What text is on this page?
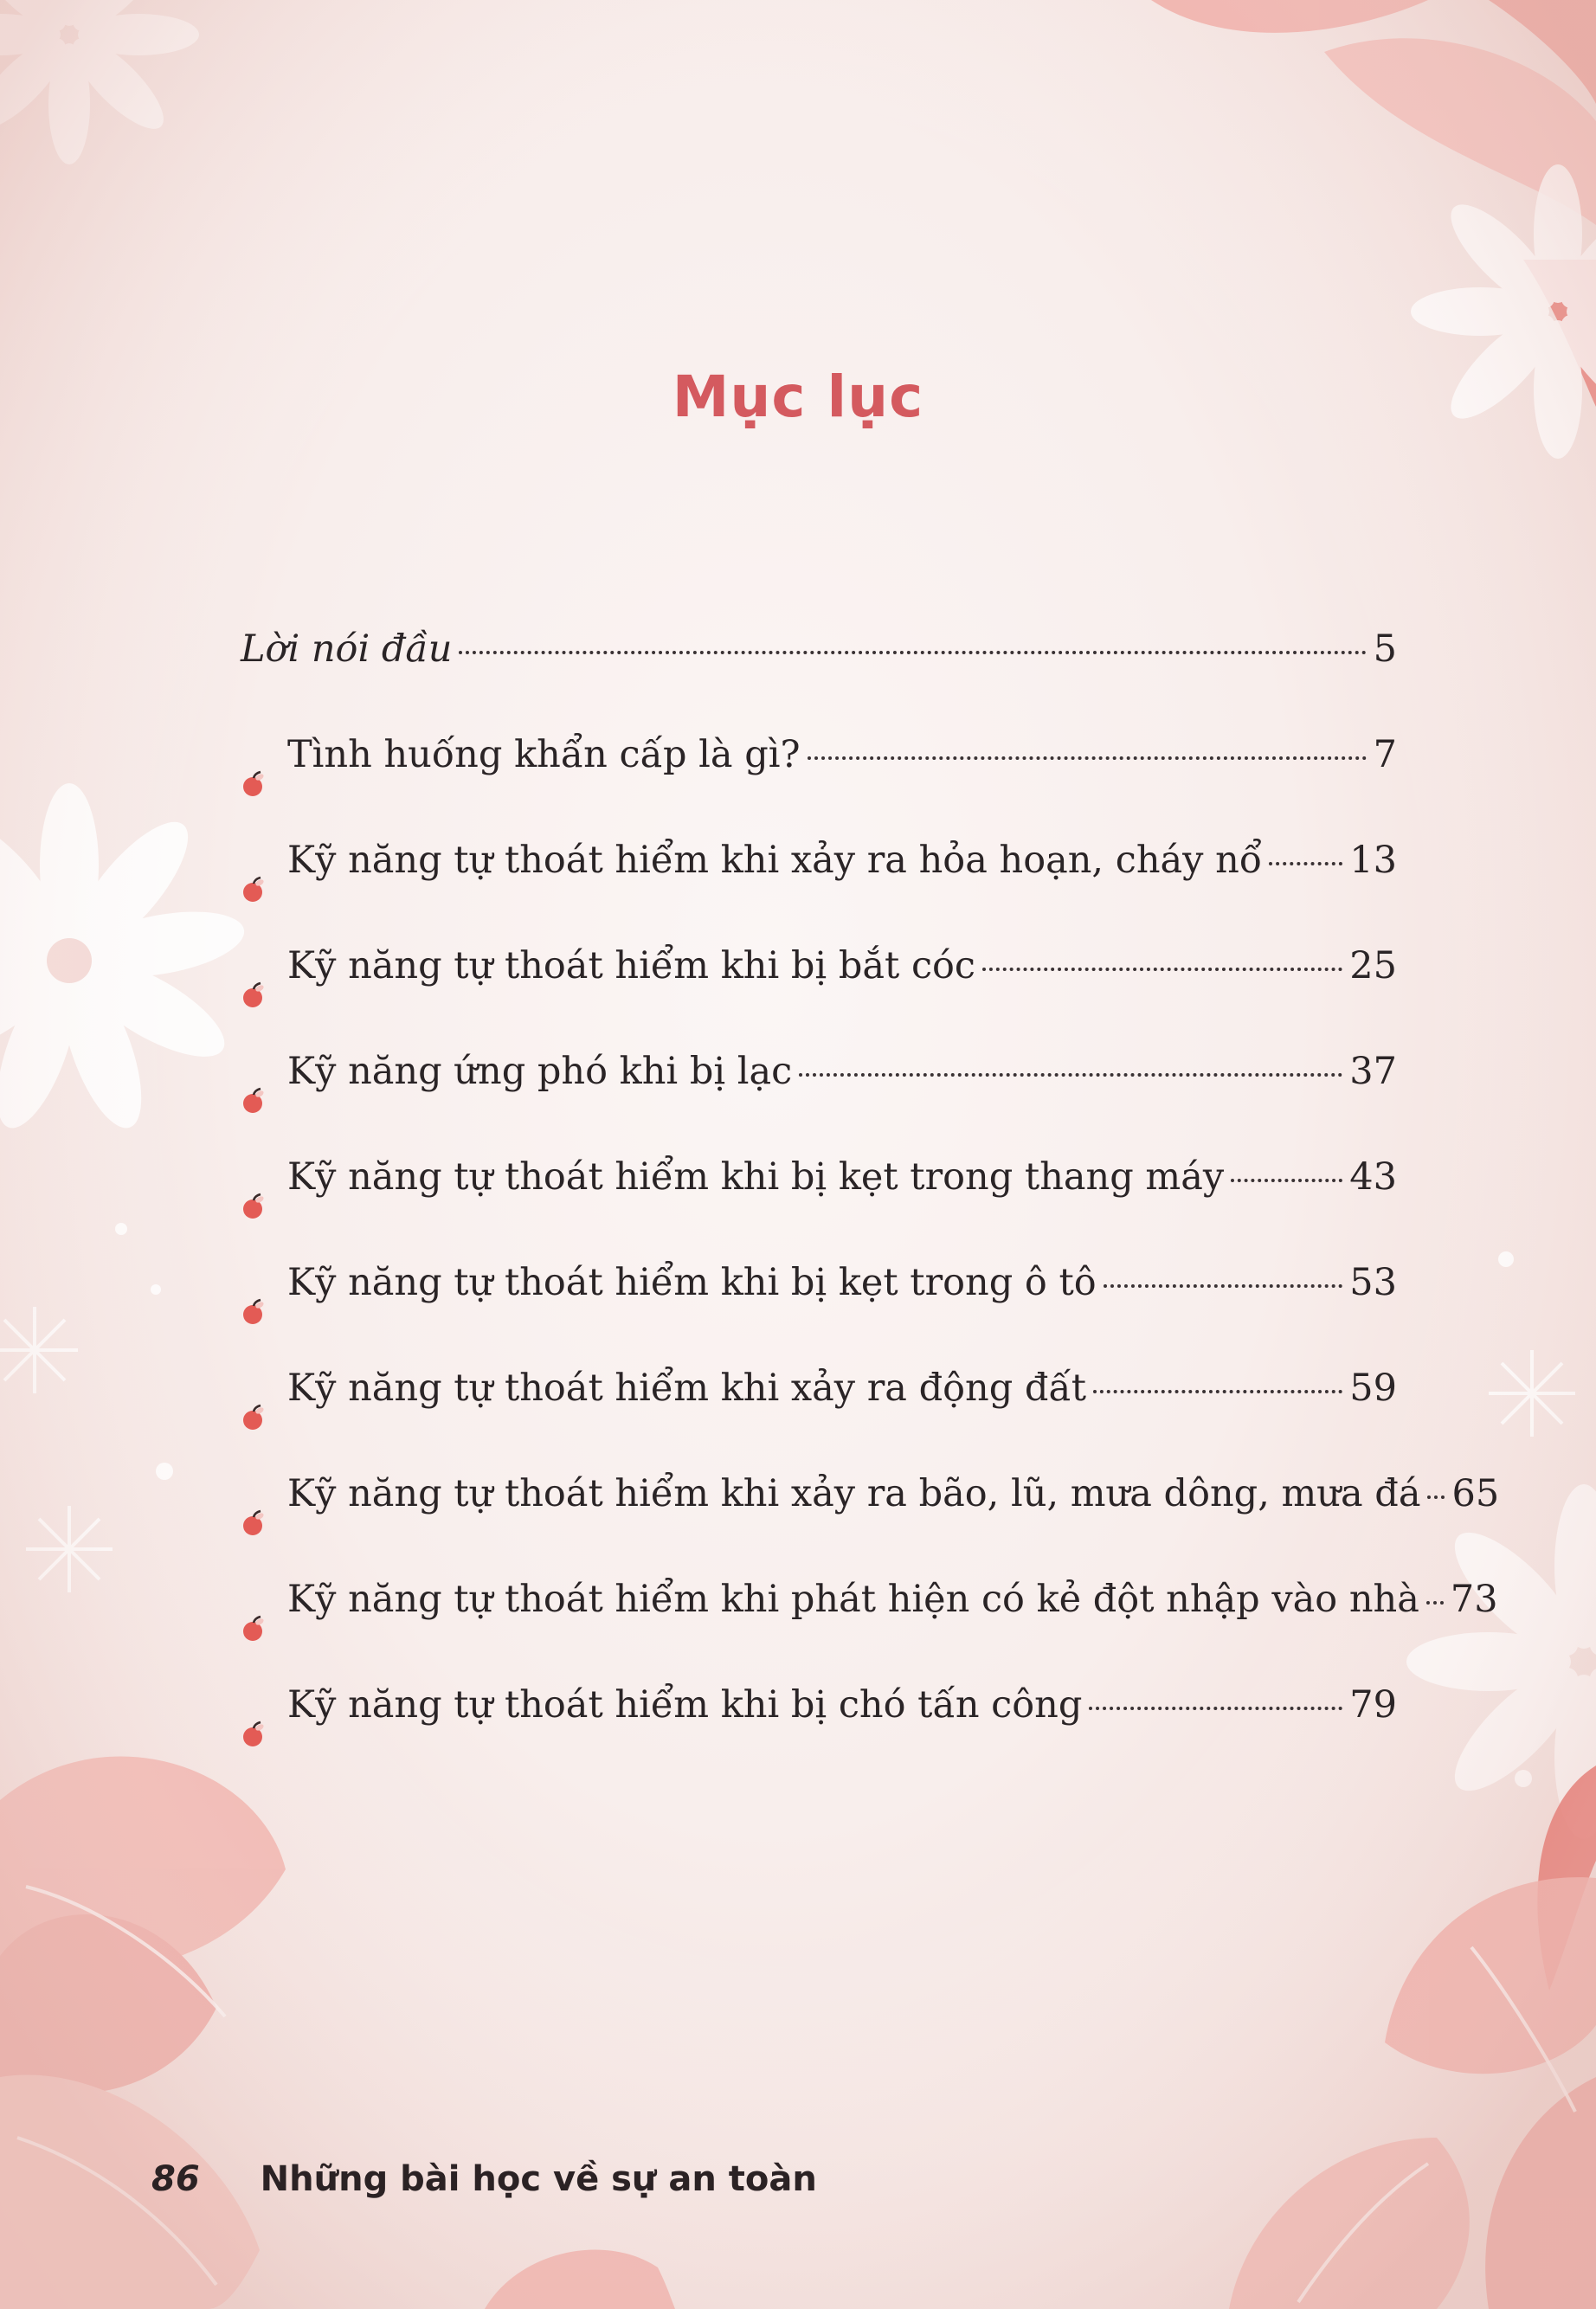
Mục lục
Lời nói đầu	5
Tình huống khẩn cấp là gì?	7
Kỹ năng tự thoát hiểm khi xảy ra hỏa hoạn, cháy nổ 13
Kỹ năng tự thoát hiểm khi bị bắt cóc	25
Kỹ năng ứng phó khi bị lạc	37
Kỹ năng tự thoát hiểm khi bị kẹt trong thang máy	43
Kỹ năng tự thoát hiểm khi bị kẹt trong ô tô	53
Kỹ năng tự thoát hiểm khi xảy ra động đất	59
Kỹ năng tự thoát hiểm khi xảy ra bão, lũ, mưa dông, mưa đá 65
Kỹ năng tự thoát hiểm khi phát hiện có kẻ đột nhập vào nhà 73
Kỹ năng tự thoát hiểm khi bị chó tấn công	79
86 Những bài học về sự an toàn
